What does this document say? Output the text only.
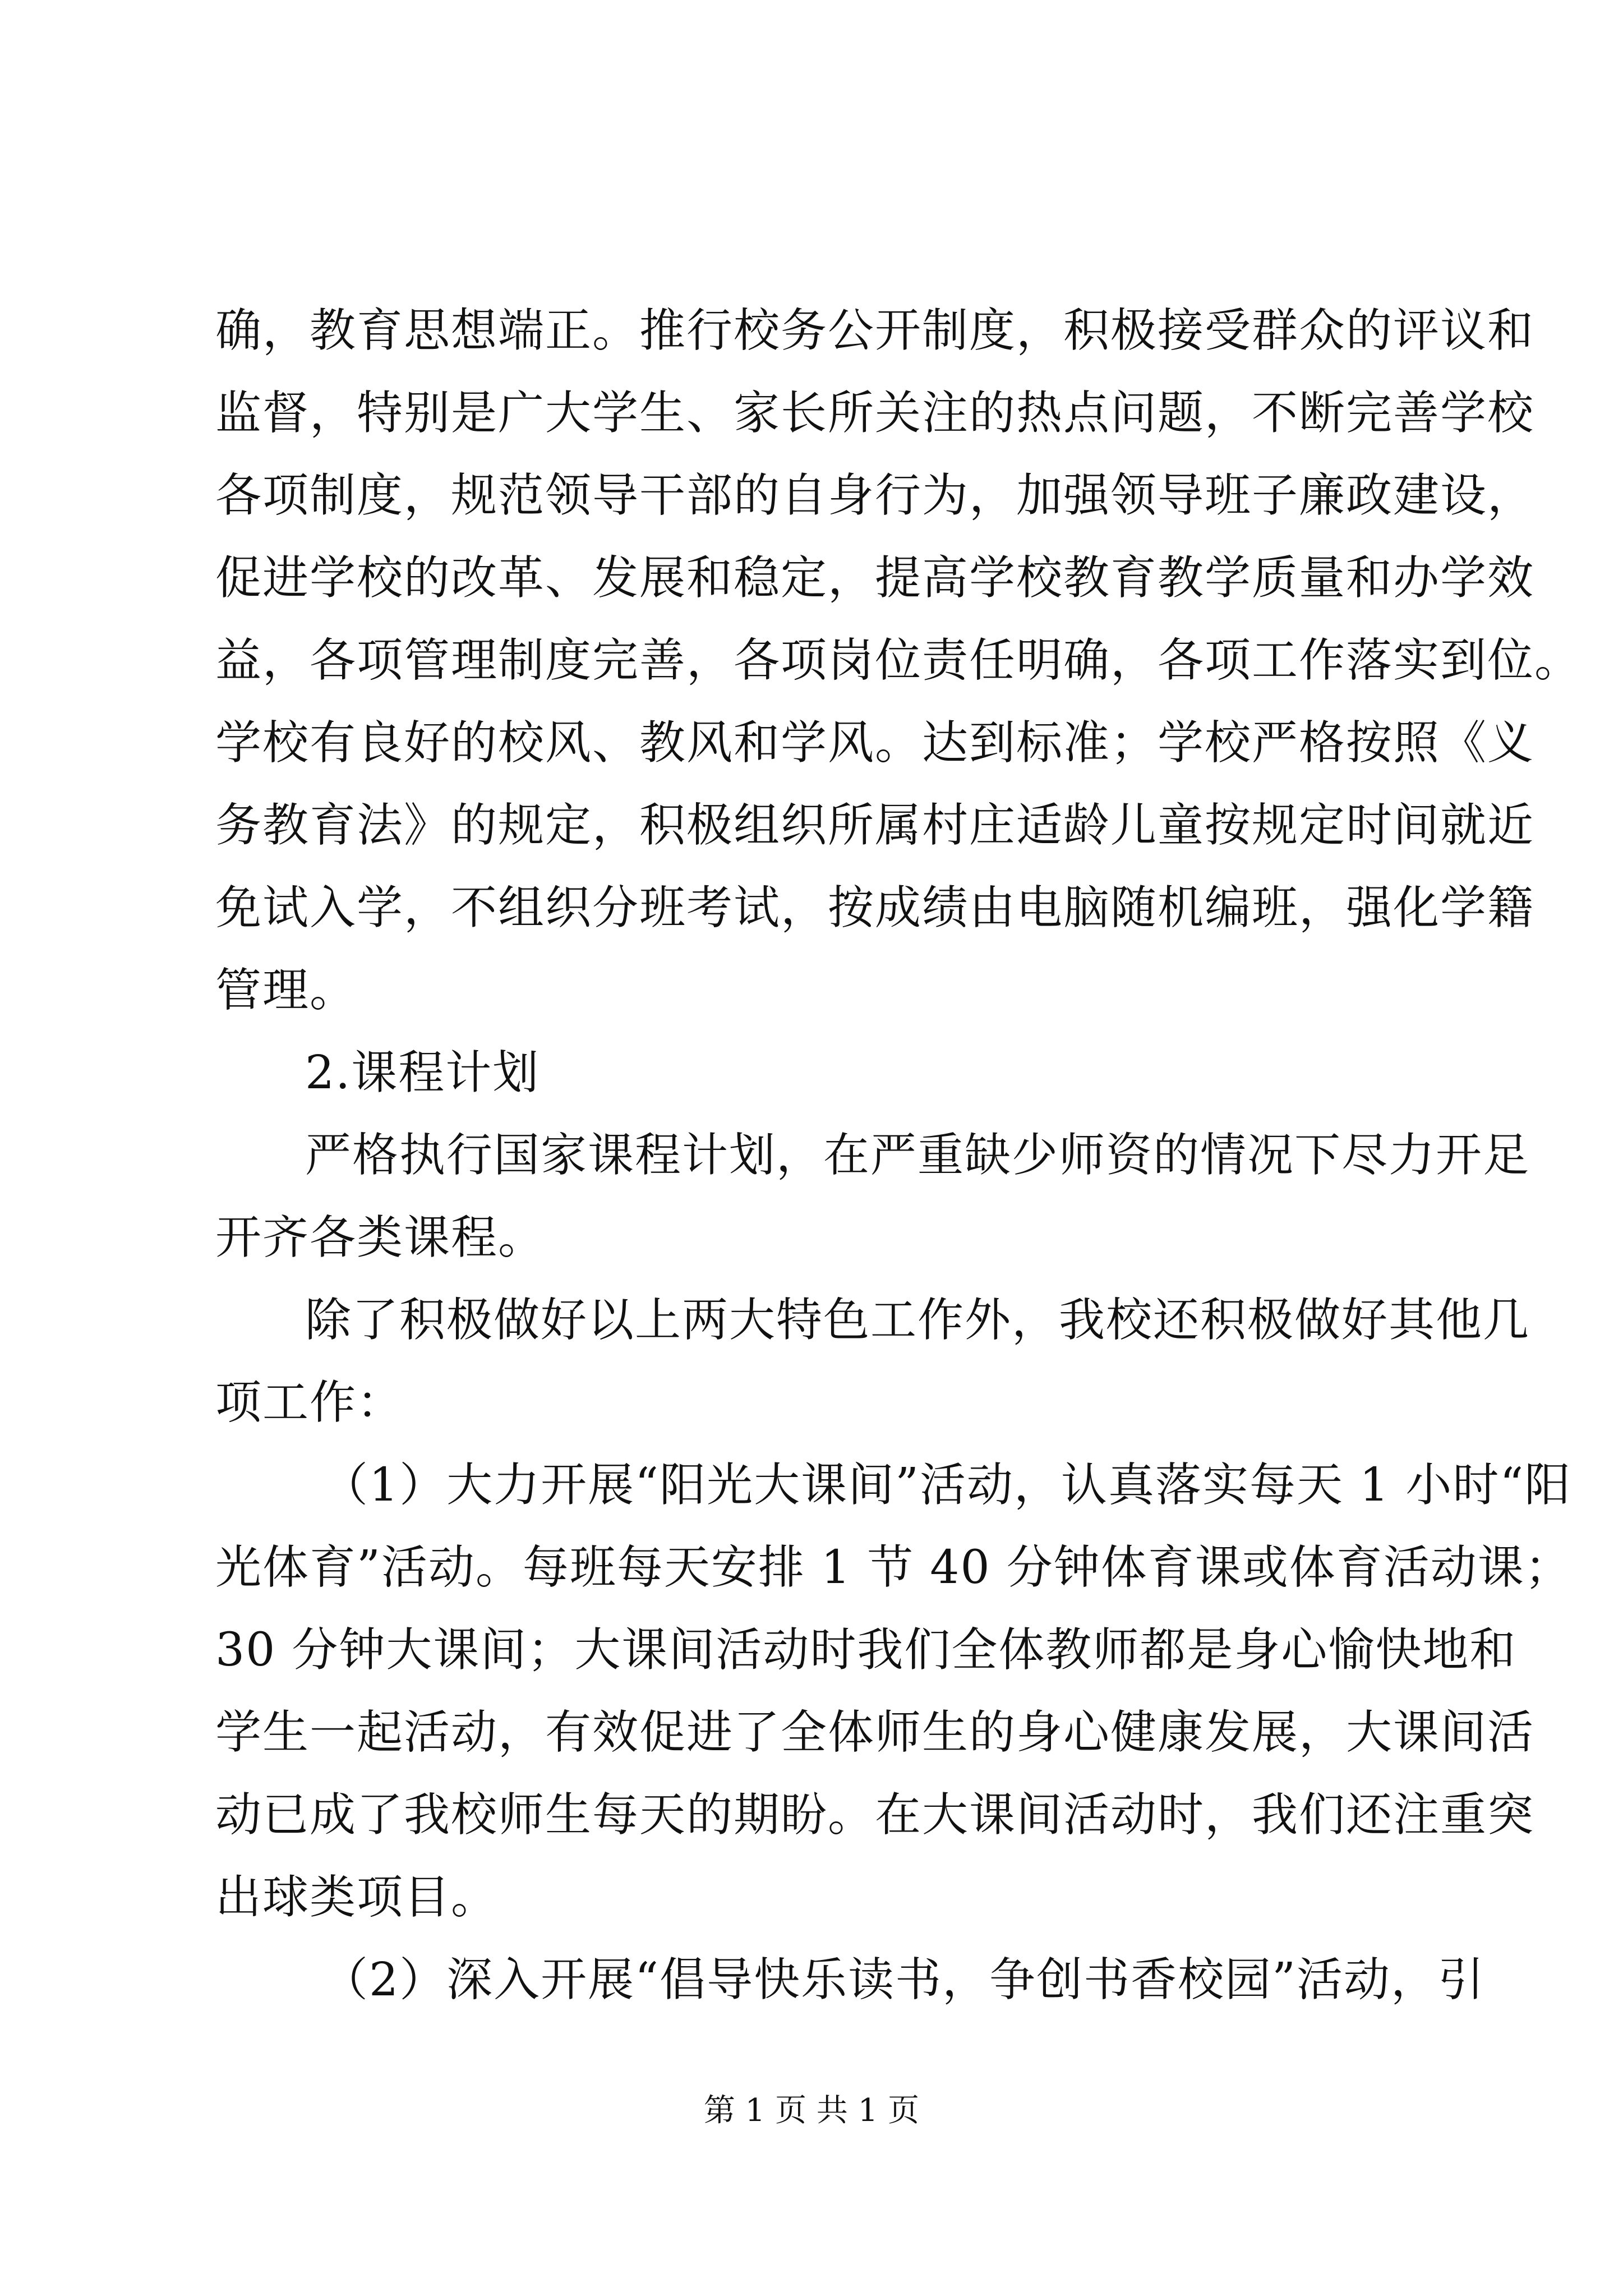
确，教育思想端正。推行校务公开制度，积极接受群众的评议和
监督，特别是广大学生、家长所关注的热点问题，不断完善学校
各项制度，规范领导干部的自身行为，加强领导班子廉政建设，
促进学校的改革、发展和稳定，提高学校教育教学质量和办学效
益，各项管理制度完善，各项岗位责任明确，各项工作落实到位。
学校有良好的校风、教风和学风。达到标准；学校严格按照《义
务教育法》的规定，积极组织所属村庄适龄儿童按规定时间就近
免试入学，不组织分班考试，按成绩由电脑随机编班，强化学籍
管理。
2.课程计划
严格执行国家课程计划，在严重缺少师资的情况下尽力开足
开齐各类课程。
除了积极做好以上两大特色工作外，我校还积极做好其他几
项工作：
（1）大力开展“阳光大课间”活动，认真落实每天 1 小时“阳
光体育”活动。每班每天安排 1 节 40 分钟体育课或体育活动课；
30 分钟大课间；大课间活动时我们全体教师都是身心愉快地和
学生一起活动，有效促进了全体师生的身心健康发展，大课间活
动已成了我校师生每天的期盼。在大课间活动时，我们还注重突
出球类项目。
（2）深入开展“倡导快乐读书，争创书香校园”活动，引
第 1 页 共 1 页
